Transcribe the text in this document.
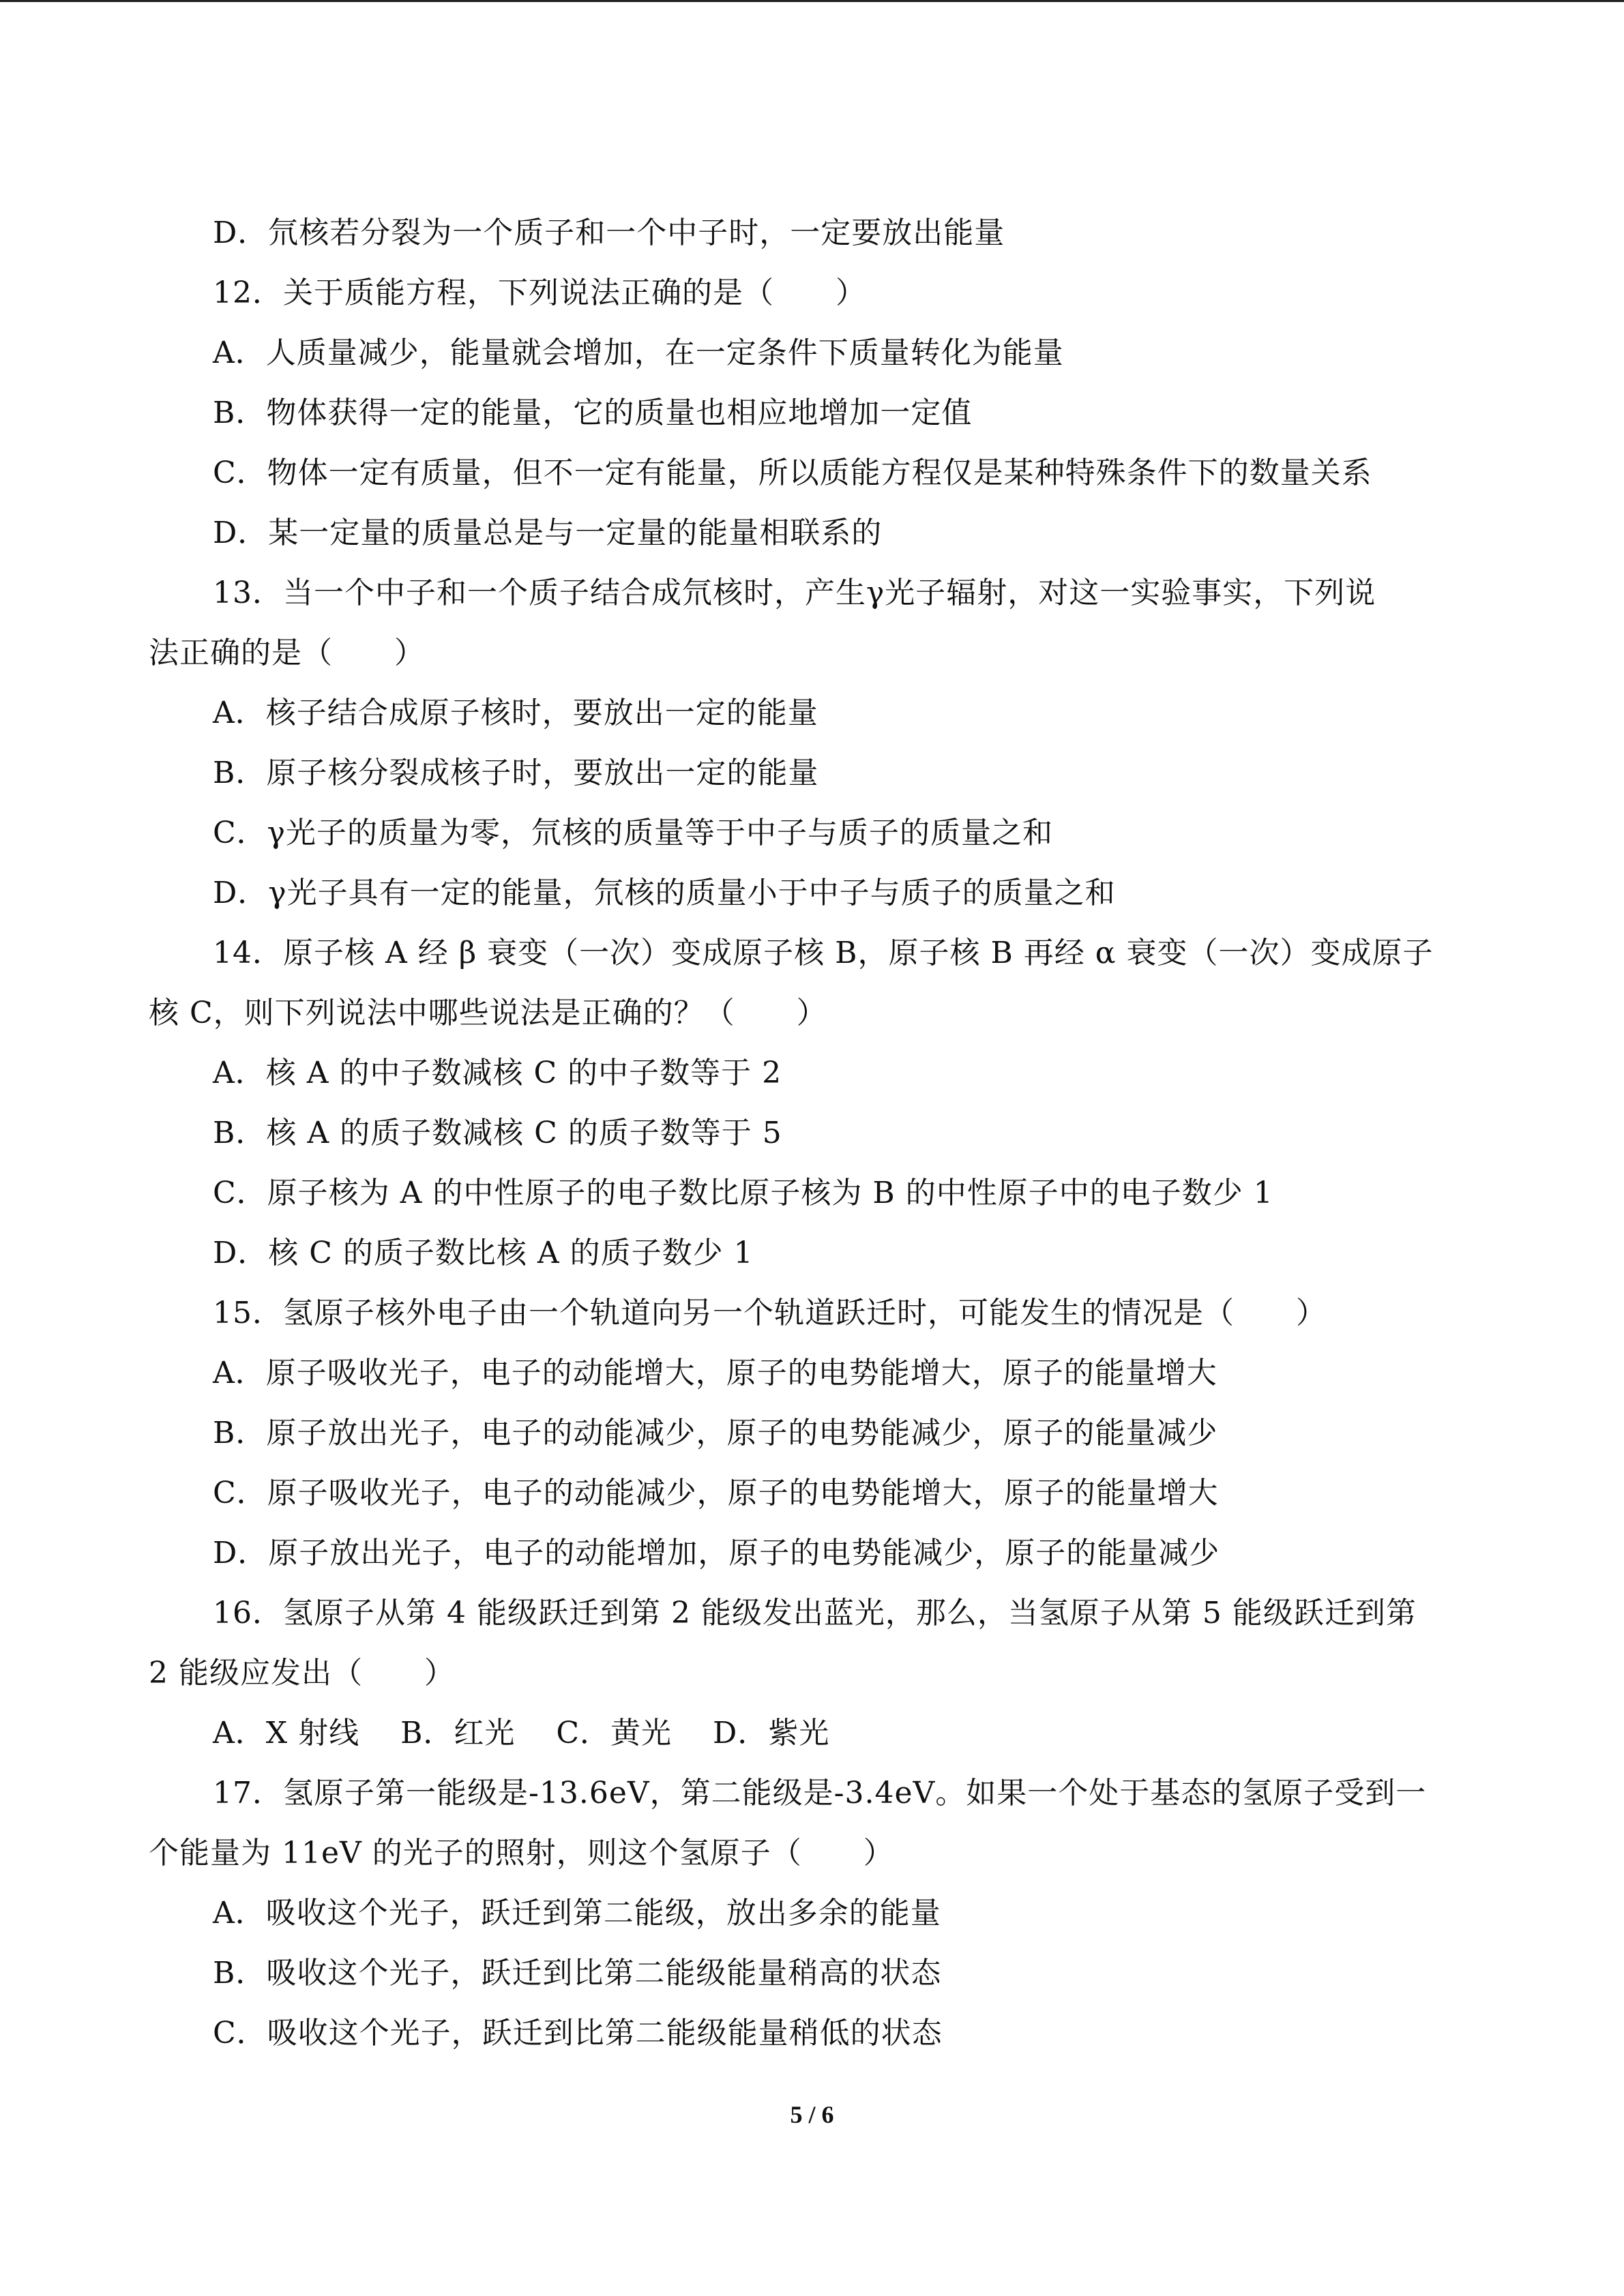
D．氘核若分裂为一个质子和一个中子时，一定要放出能量
12．关于质能方程，下列说法正确的是（　　）
A．人质量减少，能量就会增加，在一定条件下质量转化为能量
B．物体获得一定的能量，它的质量也相应地增加一定值
C．物体一定有质量，但不一定有能量，所以质能方程仅是某种特殊条件下的数量关系
D．某一定量的质量总是与一定量的能量相联系的
13．当一个中子和一个质子结合成氘核时，产生γ光子辐射，对这一实验事实，下列说
法正确的是（　　）
A．核子结合成原子核时，要放出一定的能量
B．原子核分裂成核子时，要放出一定的能量
C．γ光子的质量为零，氘核的质量等于中子与质子的质量之和
D．γ光子具有一定的能量，氘核的质量小于中子与质子的质量之和
14．原子核 A 经 β 衰变（一次）变成原子核 B，原子核 B 再经 α 衰变（一次）变成原子
核 C，则下列说法中哪些说法是正确的？（　　）
A．核 A 的中子数减核 C 的中子数等于 2
B．核 A 的质子数减核 C 的质子数等于 5
C．原子核为 A 的中性原子的电子数比原子核为 B 的中性原子中的电子数少 1
D．核 C 的质子数比核 A 的质子数少 1
15．氢原子核外电子由一个轨道向另一个轨道跃迁时，可能发生的情况是（　　）
A．原子吸收光子，电子的动能增大，原子的电势能增大，原子的能量增大
B．原子放出光子，电子的动能减少，原子的电势能减少，原子的能量减少
C．原子吸收光子，电子的动能减少，原子的电势能增大，原子的能量增大
D．原子放出光子，电子的动能增加，原子的电势能减少，原子的能量减少
16．氢原子从第 4 能级跃迁到第 2 能级发出蓝光，那么，当氢原子从第 5 能级跃迁到第
2 能级应发出（　　）
A．X 射线　 B．红光　 C．黄光　 D．紫光
17．氢原子第一能级是-13.6eV，第二能级是-3.4eV。如果一个处于基态的氢原子受到一
个能量为 11eV 的光子的照射，则这个氢原子（　　）
A．吸收这个光子，跃迁到第二能级，放出多余的能量
B．吸收这个光子，跃迁到比第二能级能量稍高的状态
C．吸收这个光子，跃迁到比第二能级能量稍低的状态
5 / 6
